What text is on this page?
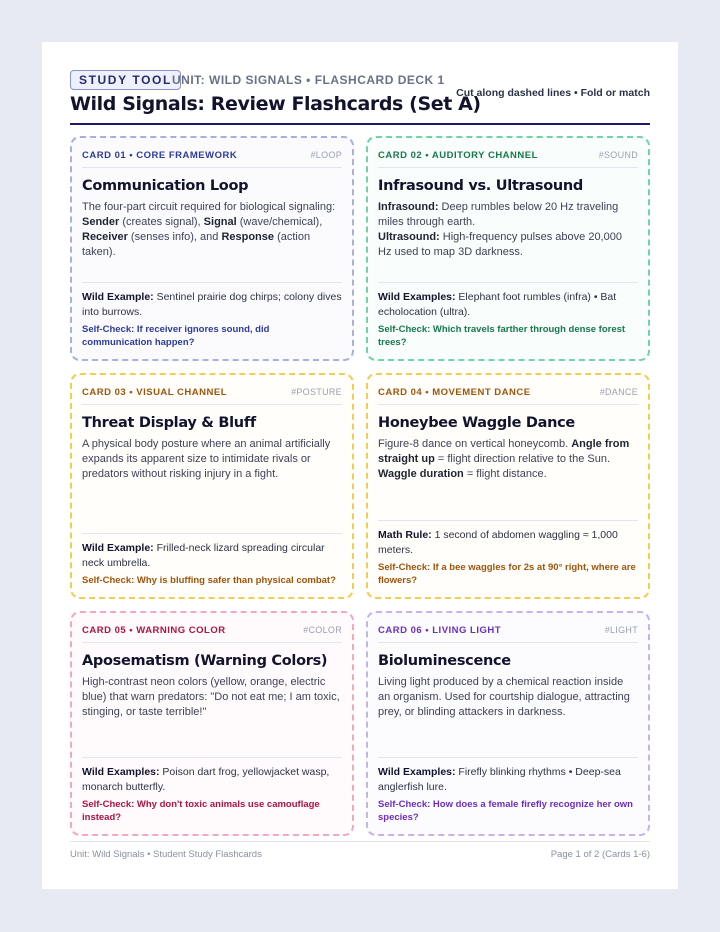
STUDY TOOL UNIT: WILD SIGNALS • FLASHCARD DECK 1
Wild Signals: Review Flashcards (Set A)
Cut along dashed lines • Fold or match
CARD 01 • CORE FRAMEWORK	#LOOP
Communication Loop
The four-part circuit required for biological signaling: Sender (creates signal), Signal (wave/chemical), Receiver (senses info), and Response (action taken).
Wild Example: Sentinel prairie dog chirps; colony dives into burrows.
Self-Check: If receiver ignores sound, did communication happen?
CARD 02 • AUDITORY CHANNEL	#SOUND
Infrasound vs. Ultrasound
Infrasound: Deep rumbles below 20 Hz traveling miles through earth.
Ultrasound: High-frequency pulses above 20,000 Hz used to map 3D darkness.
Wild Examples: Elephant foot rumbles (infra) • Bat echolocation (ultra).
Self-Check: Which travels farther through dense forest trees?
CARD 03 • VISUAL CHANNEL	#POSTURE
Threat Display & Bluff
A physical body posture where an animal artificially expands its apparent size to intimidate rivals or predators without risking injury in a fight.
Wild Example: Frilled-neck lizard spreading circular neck umbrella.
Self-Check: Why is bluffing safer than physical combat?
CARD 04 • MOVEMENT DANCE	#DANCE
Honeybee Waggle Dance
Figure-8 dance on vertical honeycomb. Angle from straight up = flight direction relative to the Sun. Waggle duration = flight distance.
Math Rule: 1 second of abdomen waggling ≈ 1,000 meters.
Self-Check: If a bee waggles for 2s at 90° right, where are flowers?
CARD 05 • WARNING COLOR	#COLOR
Aposematism (Warning Colors)
High-contrast neon colors (yellow, orange, electric blue) that warn predators: "Do not eat me; I am toxic, stinging, or taste terrible!"
Wild Examples: Poison dart frog, yellowjacket wasp, monarch butterfly.
Self-Check: Why don't toxic animals use camouflage instead?
CARD 06 • LIVING LIGHT	#LIGHT
Bioluminescence
Living light produced by a chemical reaction inside an organism. Used for courtship dialogue, attracting prey, or blinding attackers in darkness.
Wild Examples: Firefly blinking rhythms • Deep-sea anglerfish lure.
Self-Check: How does a female firefly recognize her own species?
Unit: Wild Signals • Student Study Flashcards	Page 1 of 2 (Cards 1-6)
